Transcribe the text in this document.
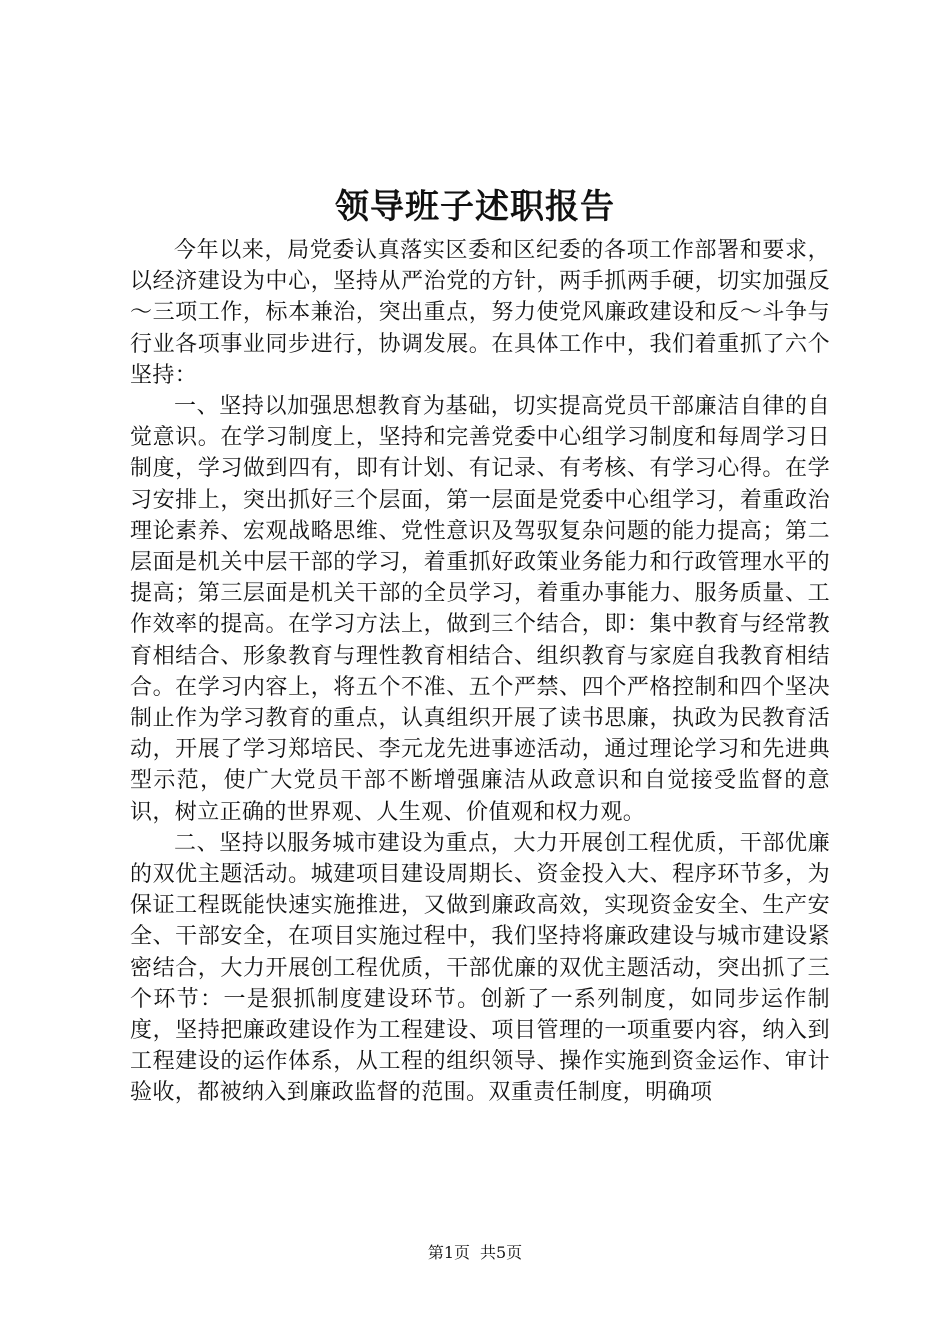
领导班子述职报告

今年以来，局党委认真落实区委和区纪委的各项工作部署和要求，以经济建设为中心，坚持从严治党的方针，两手抓两手硬，切实加强反～三项工作，标本兼治，突出重点，努力使党风廉政建设和反～斗争与行业各项事业同步进行，协调发展。在具体工作中，我们着重抓了六个坚持：

一、坚持以加强思想教育为基础，切实提高党员干部廉洁自律的自觉意识。在学习制度上，坚持和完善党委中心组学习制度和每周学习日制度，学习做到四有，即有计划、有记录、有考核、有学习心得。在学习安排上，突出抓好三个层面，第一层面是党委中心组学习，着重政治理论素养、宏观战略思维、党性意识及驾驭复杂问题的能力提高；第二层面是机关中层干部的学习，着重抓好政策业务能力和行政管理水平的提高；第三层面是机关干部的全员学习，着重办事能力、服务质量、工作效率的提高。在学习方法上，做到三个结合，即：集中教育与经常教育相结合、形象教育与理性教育相结合、组织教育与家庭自我教育相结合。在学习内容上，将五个不准、五个严禁、四个严格控制和四个坚决制止作为学习教育的重点，认真组织开展了读书思廉，执政为民教育活动，开展了学习郑培民、李元龙先进事迹活动，通过理论学习和先进典型示范，使广大党员干部不断增强廉洁从政意识和自觉接受监督的意识，树立正确的世界观、人生观、价值观和权力观。

二、坚持以服务城市建设为重点，大力开展创工程优质，干部优廉的双优主题活动。城建项目建设周期长、资金投入大、程序环节多，为保证工程既能快速实施推进，又做到廉政高效，实现资金安全、生产安全、干部安全，在项目实施过程中，我们坚持将廉政建设与城市建设紧密结合，大力开展创工程优质，干部优廉的双优主题活动，突出抓了三个环节：一是狠抓制度建设环节。创新了一系列制度，如同步运作制度，坚持把廉政建设作为工程建设、项目管理的一项重要内容，纳入到工程建设的运作体系，从工程的组织领导、操作实施到资金运作、审计验收，都被纳入到廉政监督的范围。双重责任制度，明确项

第1页 共5页
